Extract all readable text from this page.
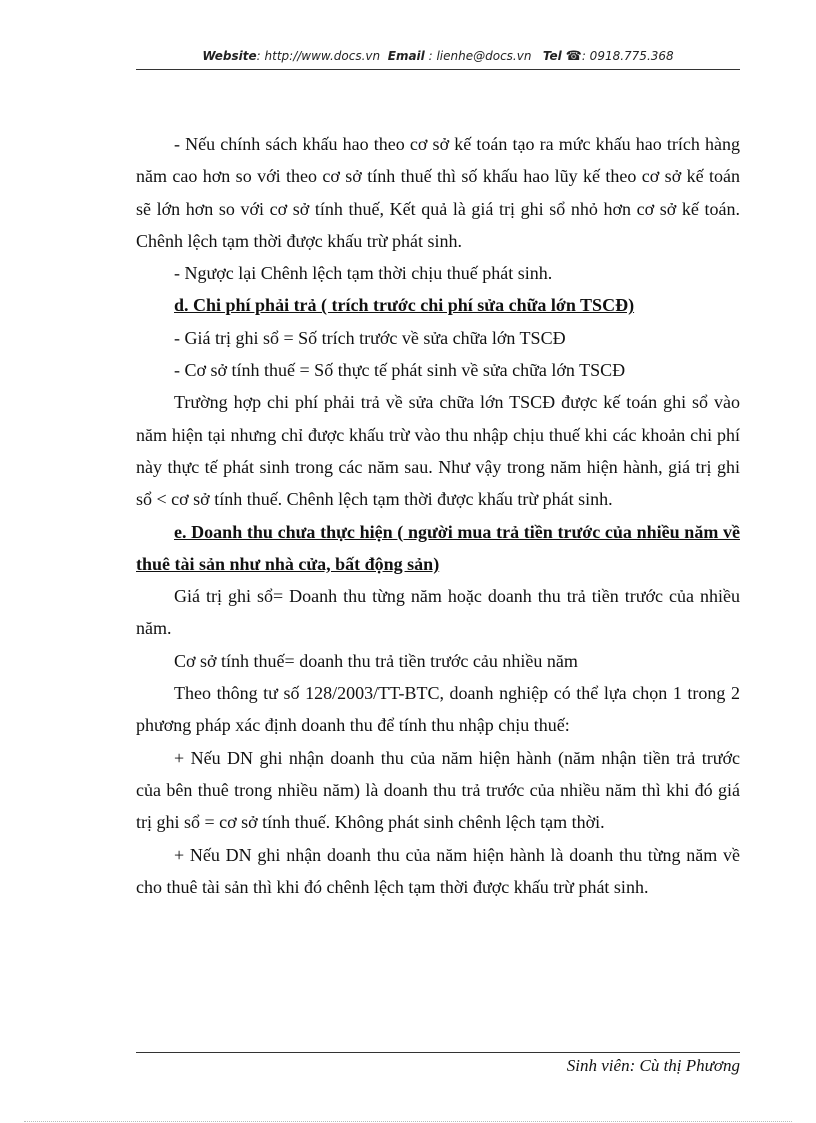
Website: http://www.docs.vn Email : lienhe@docs.vn Tel ☎: 0918.775.368

- Nếu chính sách khấu hao theo cơ sở kế toán tạo ra mức khấu hao trích hàng năm cao hơn so với theo cơ sở tính thuế thì số khấu hao lũy kế theo cơ sở kế toán sẽ lớn hơn so với cơ sở tính thuế, Kết quả là giá trị ghi sổ nhỏ hơn cơ sở kế toán. Chênh lệch tạm thời được khấu trừ phát sinh.

- Ngược lại Chênh lệch tạm thời chịu thuế phát sinh.

d. Chi phí phải trả ( trích trước chi phí sửa chữa lớn TSCĐ)

- Giá trị ghi sổ = Số trích trước về sửa chữa lớn TSCĐ

- Cơ sở tính thuế = Số thực tế phát sinh về sửa chữa lớn TSCĐ

Trường hợp chi phí phải trả về sửa chữa lớn TSCĐ được kế toán ghi sổ vào năm hiện tại nhưng chỉ được khấu trừ vào thu nhập chịu thuế khi các khoản chi phí này thực tế phát sinh trong các năm sau. Như vậy trong năm hiện hành, giá trị ghi sổ < cơ sở tính thuế. Chênh lệch tạm thời được khấu trừ phát sinh.

e. Doanh thu chưa thực hiện ( người mua trả tiền trước của nhiều năm về thuê tài sản như nhà cửa, bất động sản)

Giá trị ghi sổ= Doanh thu từng năm hoặc doanh thu trả tiền trước của nhiều năm.

Cơ sở tính thuế= doanh thu trả tiền trước cảu nhiều năm

Theo thông tư số 128/2003/TT-BTC, doanh nghiệp có thể lựa chọn 1 trong 2 phương pháp xác định doanh thu để tính thu nhập chịu thuế:

+ Nếu DN ghi nhận doanh thu của năm hiện hành (năm nhận tiền trả trước của bên thuê trong nhiều năm) là doanh thu trả trước của nhiều năm thì khi đó giá trị ghi sổ = cơ sở tính thuế. Không phát sinh chênh lệch tạm thời.

+ Nếu DN ghi nhận doanh thu của năm hiện hành là doanh thu từng năm về cho thuê tài sản thì khi đó chênh lệch tạm thời được khấu trừ phát sinh.

Sinh viên: Cù thị Phương
